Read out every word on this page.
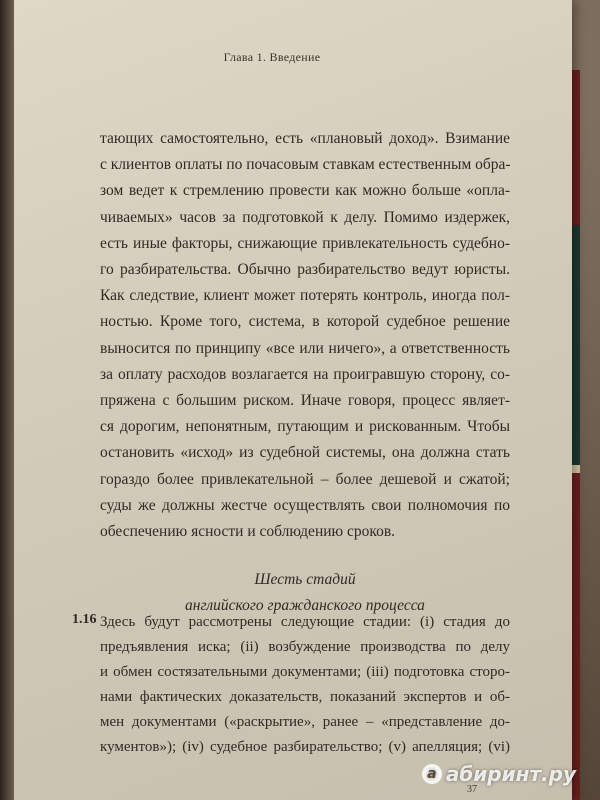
Глава 1. Введение
тающих самостоятельно, есть «плановый доход». Взимание
с клиентов оплаты по почасовым ставкам естественным обра-
зом ведет к стремлению провести как можно больше «опла-
чиваемых» часов за подготовкой к делу. Помимо издержек,
есть иные факторы, снижающие привлекательность судебно-
го разбирательства. Обычно разбирательство ведут юристы.
Как следствие, клиент может потерять контроль, иногда пол-
ностью. Кроме того, система, в которой судебное решение
выносится по принципу «все или ничего», а ответственность
за оплату расходов возлагается на проигравшую сторону, со-
пряжена с большим риском. Иначе говоря, процесс являет-
ся дорогим, непонятным, путающим и рискованным. Чтобы
остановить «исход» из судебной системы, она должна стать
гораздо более привлекательной – более дешевой и сжатой;
суды же должны жестче осуществлять свои полномочия по
обеспечению ясности и соблюдению сроков.
Шесть стадий
английского гражданского процесса
1.16 Здесь будут рассмотрены следующие стадии: (i) стадия до
предъявления иска; (ii) возбуждение производства по делу
и обмен состязательными документами; (iii) подготовка сторо-
нами фактических доказательств, показаний экспертов и об-
мен документами («раскрытие», ранее – «представление до-
кументов»); (iv) судебное разбирательство; (v) апелляция; (vi)
37
a абиринт.ру
